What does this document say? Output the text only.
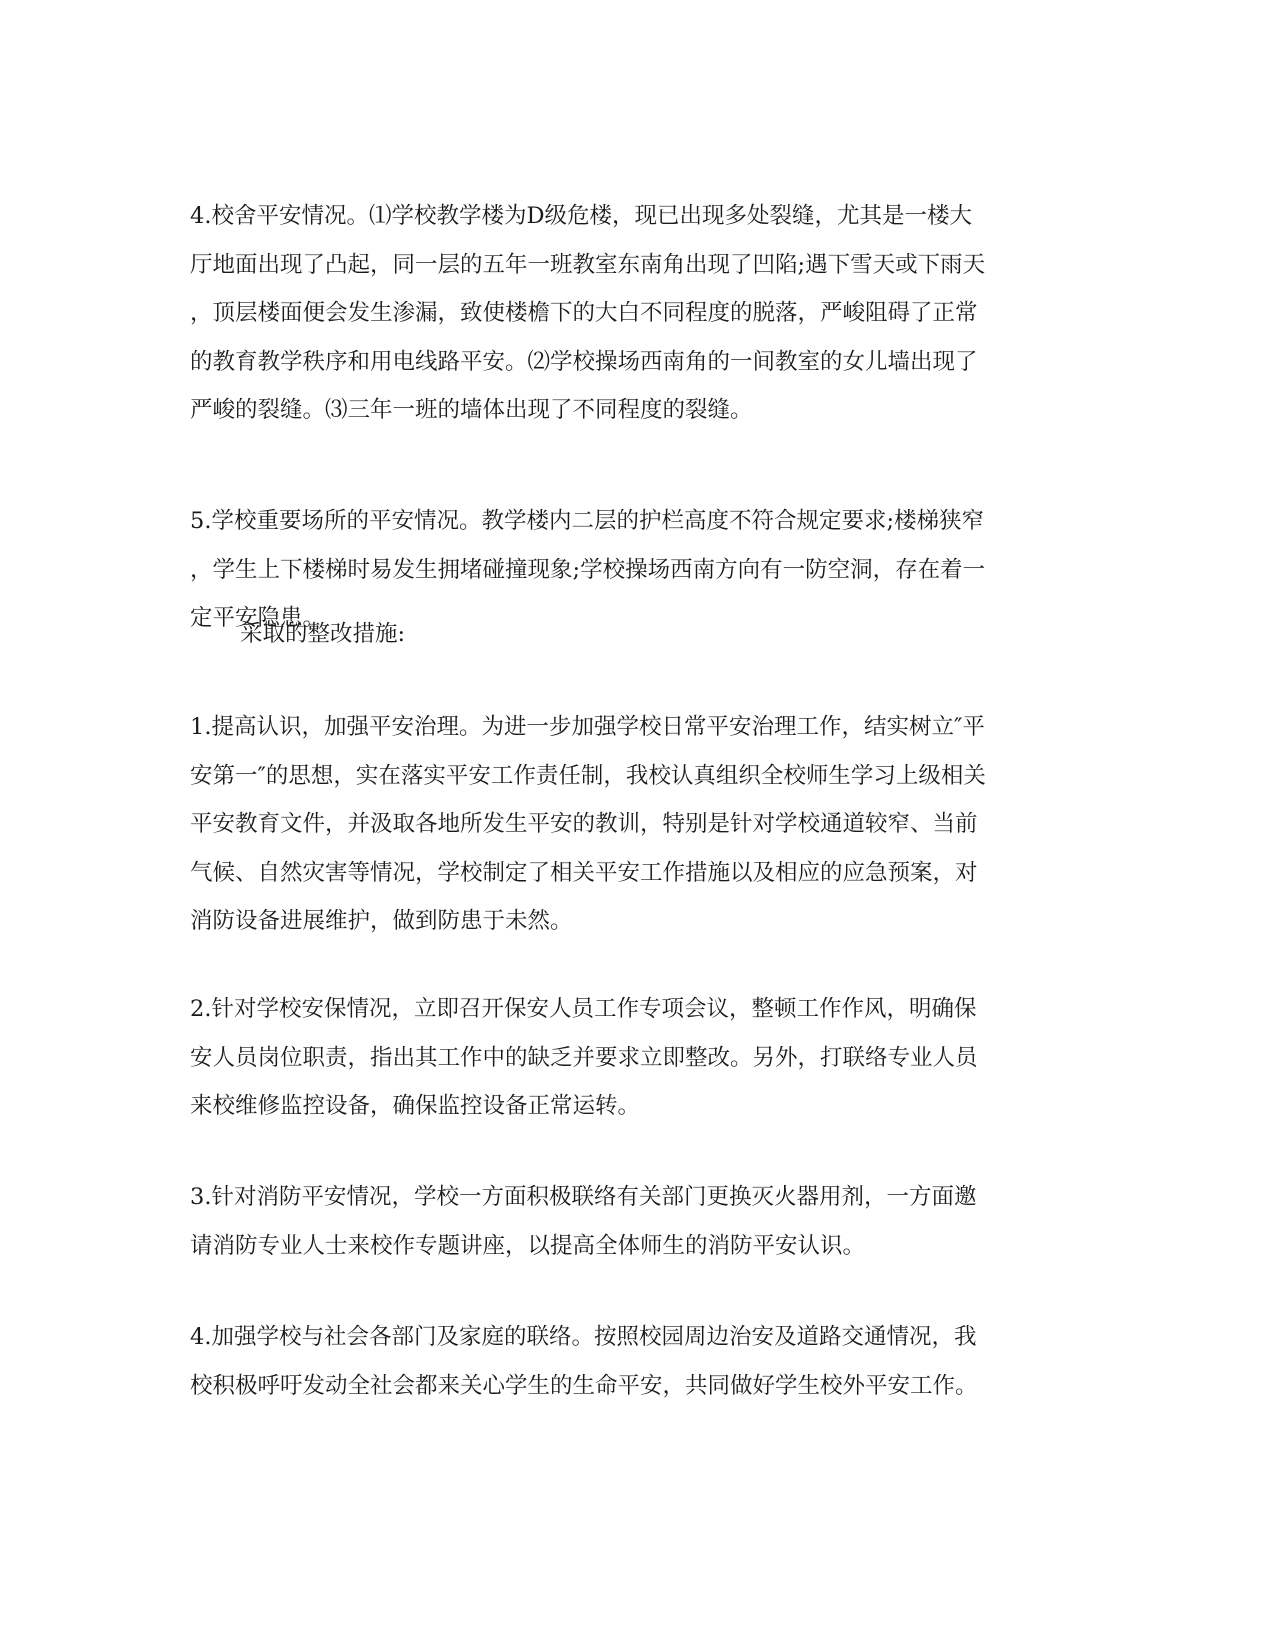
4.校舍平安情况。⑴学校教学楼为D级危楼，现已出现多处裂缝，尤其是一楼大
厅地面出现了凸起，同一层的五年一班教室东南角出现了凹陷;遇下雪天或下雨天
，顶层楼面便会发生渗漏，致使楼檐下的大白不同程度的脱落，严峻阻碍了正常
的教育教学秩序和用电线路平安。⑵学校操场西南角的一间教室的女儿墙出现了
严峻的裂缝。⑶三年一班的墙体出现了不同程度的裂缝。

5.学校重要场所的平安情况。教学楼内二层的护栏高度不符合规定要求;楼梯狭窄
，学生上下楼梯时易发生拥堵碰撞现象;学校操场西南方向有一防空洞，存在着一
定平安隐患。

采取的整改措施:

1.提高认识，加强平安治理。为进一步加强学校日常平安治理工作，结实树立″平
安第一″的思想，实在落实平安工作责任制，我校认真组织全校师生学习上级相关
平安教育文件，并汲取各地所发生平安的教训，特别是针对学校通道较窄、当前
气候、自然灾害等情况，学校制定了相关平安工作措施以及相应的应急预案，对
消防设备进展维护，做到防患于未然。

2.针对学校安保情况，立即召开保安人员工作专项会议，整顿工作作风，明确保
安人员岗位职责，指出其工作中的缺乏并要求立即整改。另外，打联络专业人员
来校维修监控设备，确保监控设备正常运转。

3.针对消防平安情况，学校一方面积极联络有关部门更换灭火器用剂，一方面邀
请消防专业人士来校作专题讲座，以提高全体师生的消防平安认识。

4.加强学校与社会各部门及家庭的联络。按照校园周边治安及道路交通情况，我
校积极呼吁发动全社会都来关心学生的生命平安，共同做好学生校外平安工作。
